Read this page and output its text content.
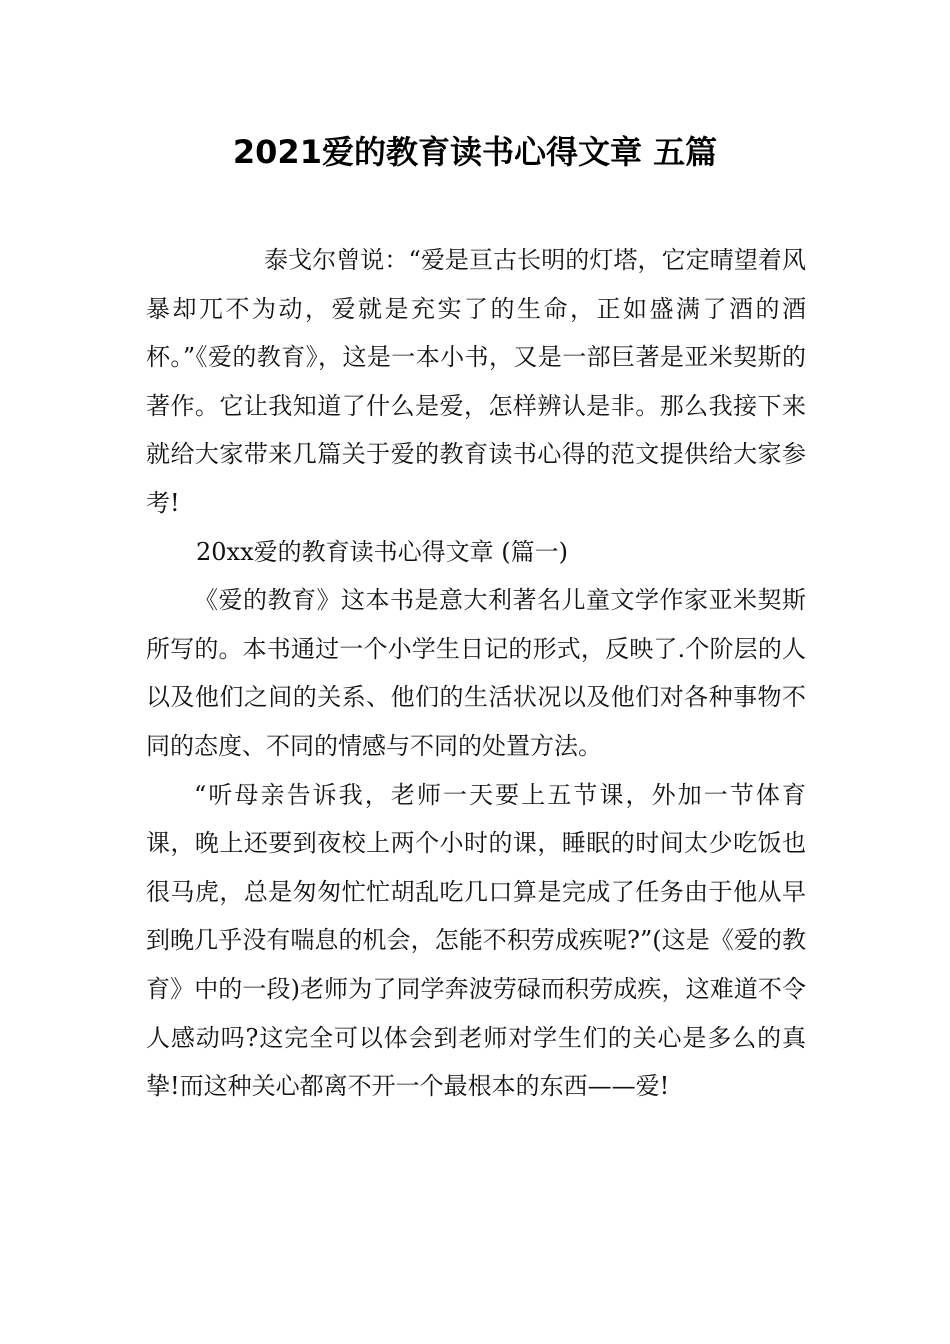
2021爱的教育读书心得文章 五篇

泰戈尔曾说：“爱是亘古长明的灯塔，它定晴望着风暴却兀不为动，爱就是充实了的生命，正如盛满了酒的酒杯。”《爱的教育》，这是一本小书，又是一部巨著是亚米契斯的著作。它让我知道了什么是爱，怎样辨认是非。那么我接下来就给大家带来几篇关于爱的教育读书心得的范文提供给大家参考!

20xx爱的教育读书心得文章 (篇一)

《爱的教育》这本书是意大利著名儿童文学作家亚米契斯所写的。本书通过一个小学生日记的形式，反映了.个阶层的人以及他们之间的关系、他们的生活状况以及他们对各种事物不同的态度、不同的情感与不同的处置方法。

“听母亲告诉我，老师一天要上五节课，外加一节体育课，晚上还要到夜校上两个小时的课，睡眠的时间太少吃饭也很马虎，总是匆匆忙忙胡乱吃几口算是完成了任务由于他从早到晚几乎没有喘息的机会，怎能不积劳成疾呢?”(这是《爱的教育》中的一段)老师为了同学奔波劳碌而积劳成疾，这难道不令人感动吗?这完全可以体会到老师对学生们的关心是多么的真挚!而这种关心都离不开一个最根本的东西——爱!
